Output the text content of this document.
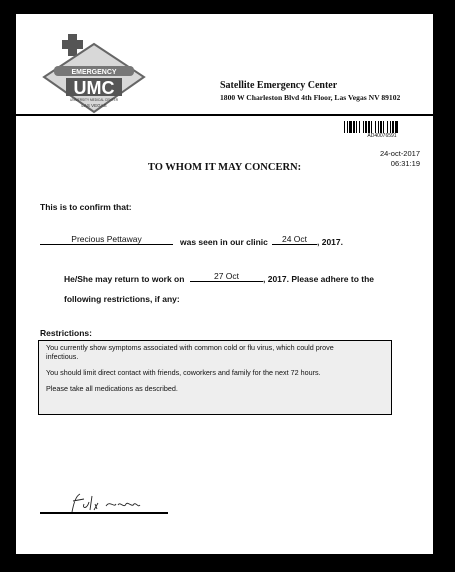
EMERGENCY
UMC
UNIVERSITY MEDICAL CENTER
LAS VEGAS
Satellite Emergency Center
1800 W Charleston Blvd 4th Floor, Las Vegas NV 89102
AD40076591
24-oct-2017
06:31:19
TO WHOM IT MAY CONCERN:
This is to confirm that:
Precious Pettaway	was seen in our clinic	24 Oct	, 2017.
He/She may return to work on	27 Oct	, 2017. Please adhere to the
following restrictions, if any:
Restrictions:
You currently show symptoms associated with common cold or flu virus, which could prove infectious.
You should limit direct contact with friends, coworkers and family for the next 72 hours.
Please take all medications as described.
